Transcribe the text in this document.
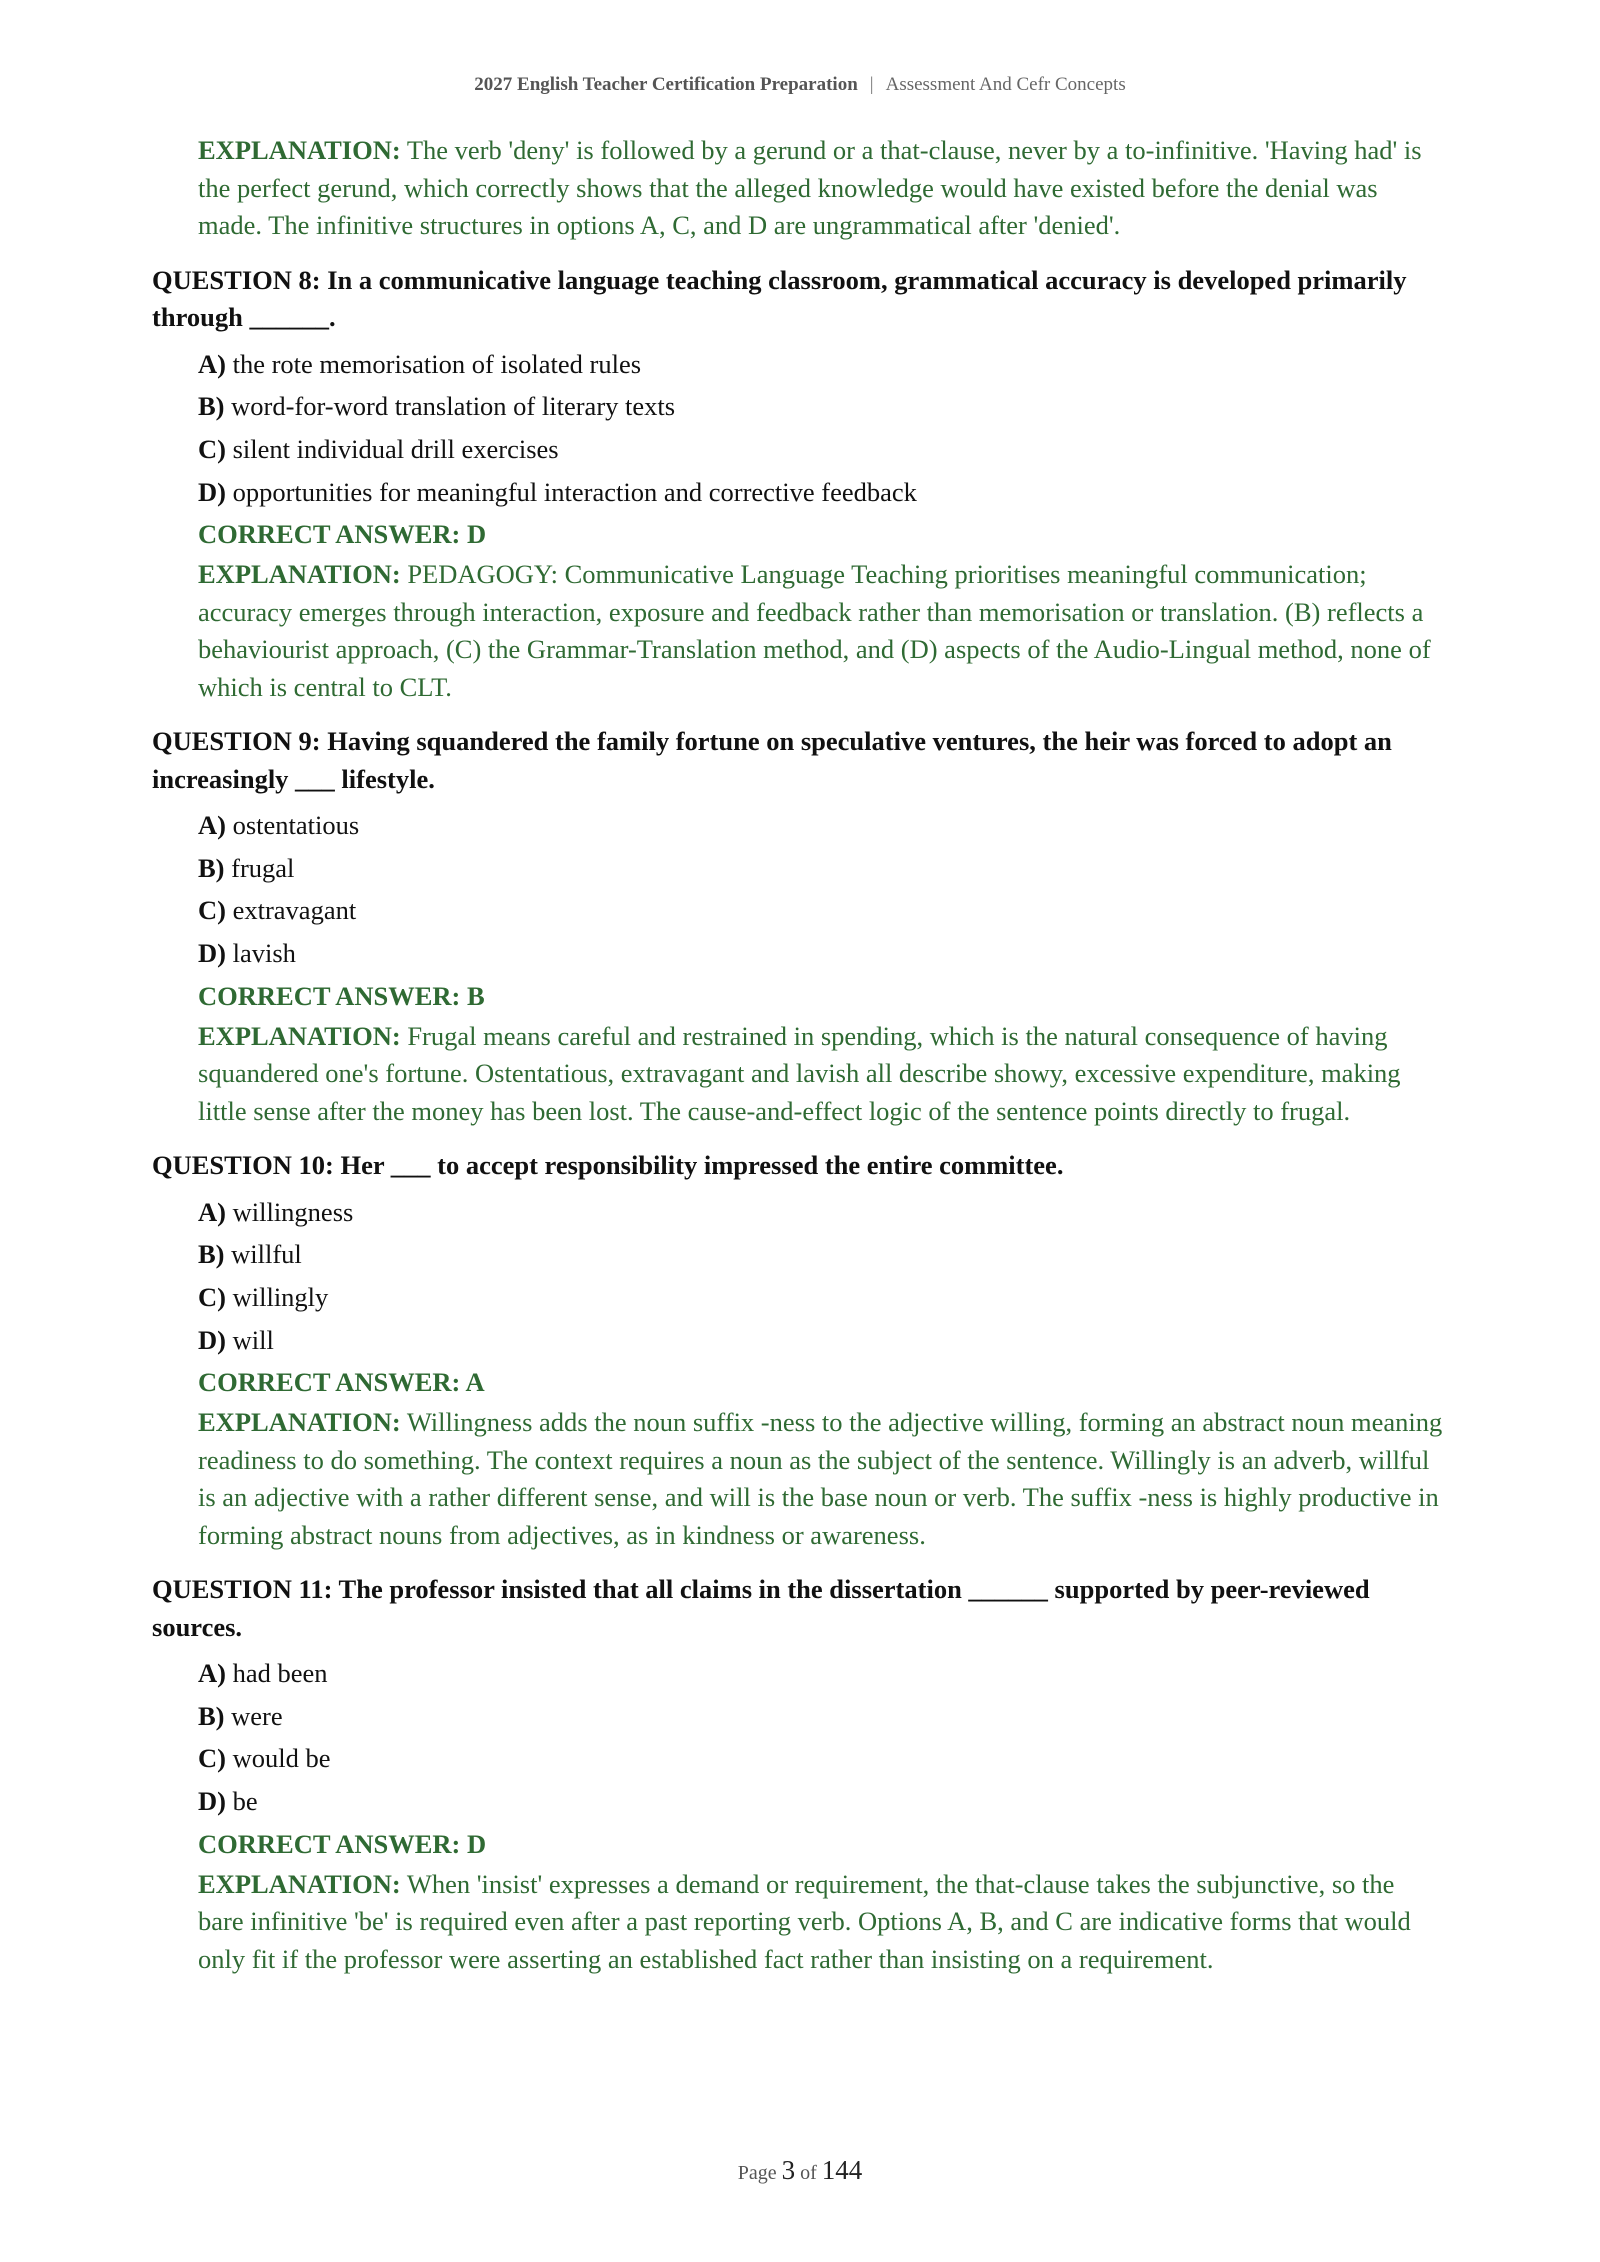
2027 English Teacher Certification Preparation | Assessment And Cefr Concepts
EXPLANATION: The verb 'deny' is followed by a gerund or a that-clause, never by a to-infinitive. 'Having had' is the perfect gerund, which correctly shows that the alleged knowledge would have existed before the denial was made. The infinitive structures in options A, C, and D are ungrammatical after 'denied'.
QUESTION 8: In a communicative language teaching classroom, grammatical accuracy is developed primarily through ______.
A) the rote memorisation of isolated rules
B) word-for-word translation of literary texts
C) silent individual drill exercises
D) opportunities for meaningful interaction and corrective feedback
CORRECT ANSWER: D
EXPLANATION: PEDAGOGY: Communicative Language Teaching prioritises meaningful communication; accuracy emerges through interaction, exposure and feedback rather than memorisation or translation. (B) reflects a behaviourist approach, (C) the Grammar-Translation method, and (D) aspects of the Audio-Lingual method, none of which is central to CLT.
QUESTION 9: Having squandered the family fortune on speculative ventures, the heir was forced to adopt an increasingly ___ lifestyle.
A) ostentatious
B) frugal
C) extravagant
D) lavish
CORRECT ANSWER: B
EXPLANATION: Frugal means careful and restrained in spending, which is the natural consequence of having squandered one's fortune. Ostentatious, extravagant and lavish all describe showy, excessive expenditure, making little sense after the money has been lost. The cause-and-effect logic of the sentence points directly to frugal.
QUESTION 10: Her ___ to accept responsibility impressed the entire committee.
A) willingness
B) willful
C) willingly
D) will
CORRECT ANSWER: A
EXPLANATION: Willingness adds the noun suffix -ness to the adjective willing, forming an abstract noun meaning readiness to do something. The context requires a noun as the subject of the sentence. Willingly is an adverb, willful is an adjective with a rather different sense, and will is the base noun or verb. The suffix -ness is highly productive in forming abstract nouns from adjectives, as in kindness or awareness.
QUESTION 11: The professor insisted that all claims in the dissertation ______ supported by peer-reviewed sources.
A) had been
B) were
C) would be
D) be
CORRECT ANSWER: D
EXPLANATION: When 'insist' expresses a demand or requirement, the that-clause takes the subjunctive, so the bare infinitive 'be' is required even after a past reporting verb. Options A, B, and C are indicative forms that would only fit if the professor were asserting an established fact rather than insisting on a requirement.
Page 3 of 144
